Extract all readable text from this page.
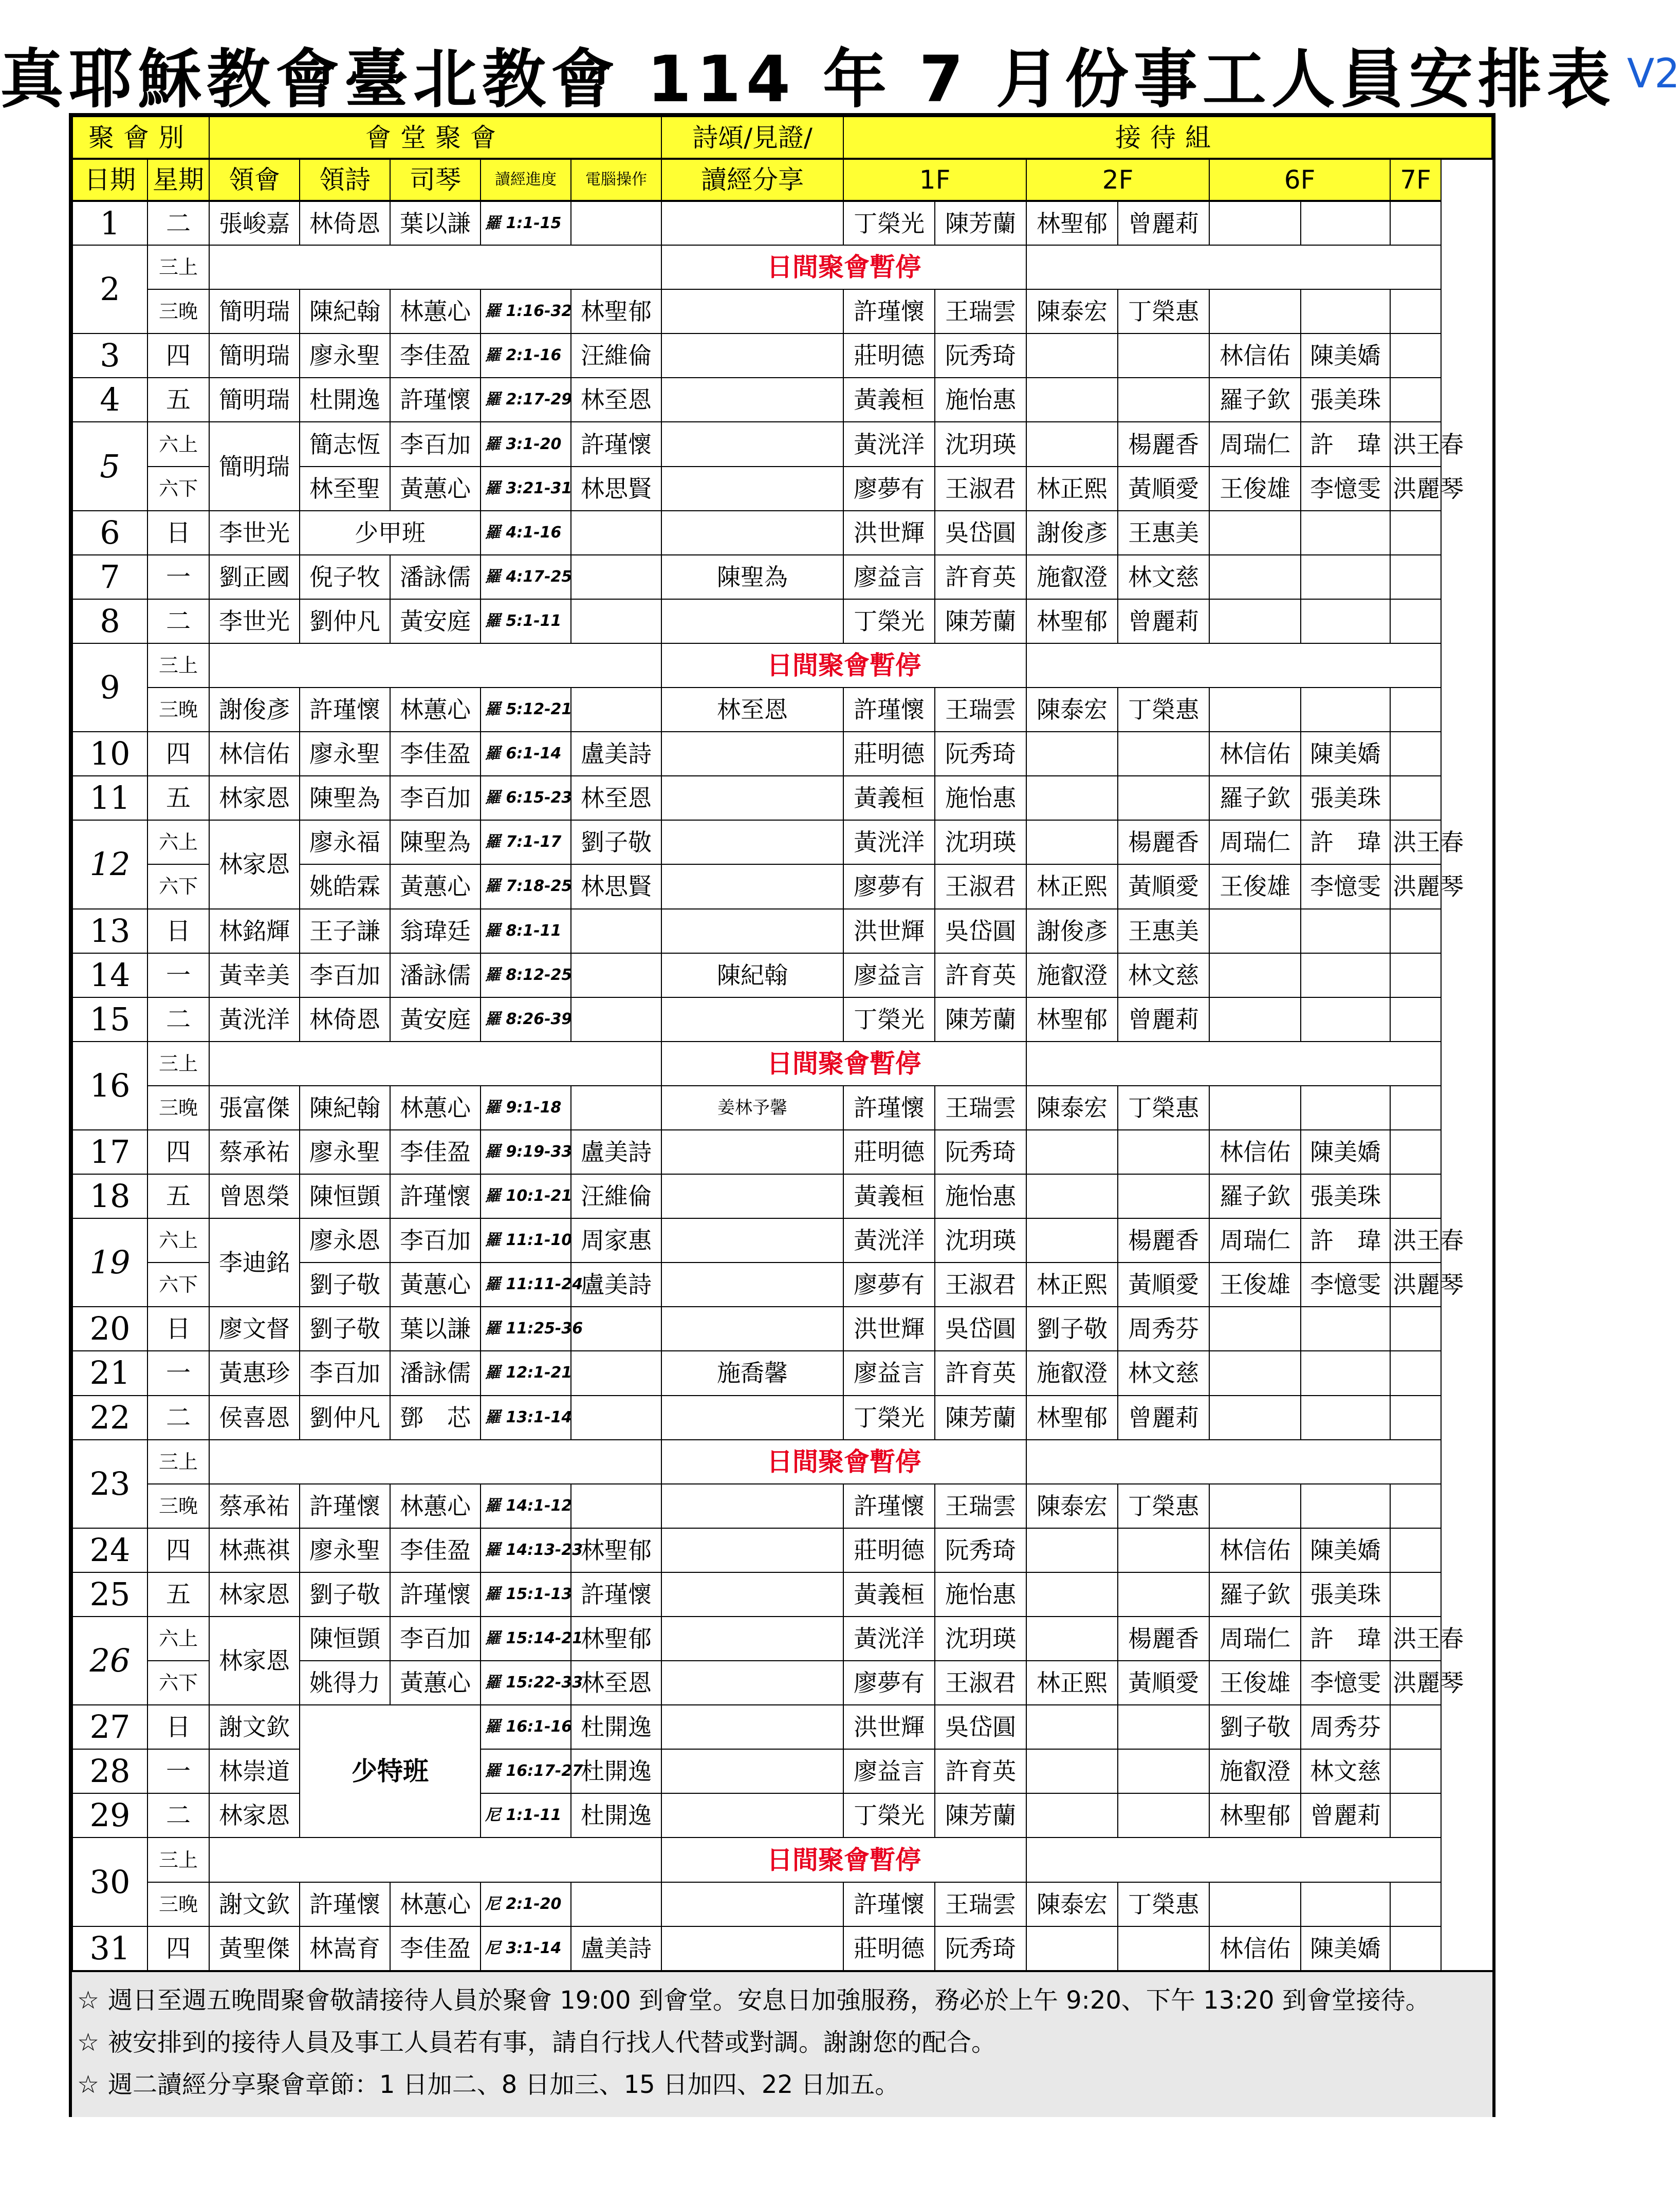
真耶穌教會臺北教會 114 年 7 月份事工人員安排表 V2
聚會別		會堂聚會					詩頌/見證/	接待組						
日期	星期	領會	領詩	司琴	讀經進度	電腦操作	讀經分享	1F		2F		6F		7F
1	二	張峻嘉	林倚恩	葉以謙	羅 1:1-15			丁榮光	陳芳蘭	林聖郁	曾麗莉			
2	三上						日間聚會暫停							
	三晚	簡明瑞	陳紀翰	林蕙心	羅 1:16-32	林聖郁		許瑾懷	王瑞雲	陳泰宏	丁榮惠			
3	四	簡明瑞	廖永聖	李佳盈	羅 2:1-16	汪維倫		莊明德	阮秀琦			林信佑	陳美嬌	
4	五	簡明瑞	杜開逸	許瑾懷	羅 2:17-29	林至恩		黃義桓	施怡惠			羅子欽	張美珠	
5	六上	簡明瑞	簡志恆	李百加	羅 3:1-20	許瑾懷		黃洸洋	沈玥瑛		楊麗香	周瑞仁	許　瑋	洪王春
	六下		林至聖	黃蕙心	羅 3:21-31	林思賢		廖夢有	王淑君	林正熙	黃順愛	王俊雄	李憶雯	洪麗琴
6	日	李世光	少甲班		羅 4:1-16			洪世輝	吳岱圓	謝俊彥	王惠美			
7	一	劉正國	倪子牧	潘詠儒	羅 4:17-25		陳聖為	廖益言	許育英	施叡澄	林文慈			
8	二	李世光	劉仲凡	黃安庭	羅 5:1-11			丁榮光	陳芳蘭	林聖郁	曾麗莉			
9	三上						日間聚會暫停							
	三晚	謝俊彥	許瑾懷	林蕙心	羅 5:12-21		林至恩	許瑾懷	王瑞雲	陳泰宏	丁榮惠			
10	四	林信佑	廖永聖	李佳盈	羅 6:1-14	盧美詩		莊明德	阮秀琦			林信佑	陳美嬌	
11	五	林家恩	陳聖為	李百加	羅 6:15-23	林至恩		黃義桓	施怡惠			羅子欽	張美珠	
12	六上	林家恩	廖永福	陳聖為	羅 7:1-17	劉子敬		黃洸洋	沈玥瑛		楊麗香	周瑞仁	許　瑋	洪王春
	六下		姚皓霖	黃蕙心	羅 7:18-25	林思賢		廖夢有	王淑君	林正熙	黃順愛	王俊雄	李憶雯	洪麗琴
13	日	林銘輝	王子謙	翁瑋廷	羅 8:1-11			洪世輝	吳岱圓	謝俊彥	王惠美			
14	一	黃幸美	李百加	潘詠儒	羅 8:12-25		陳紀翰	廖益言	許育英	施叡澄	林文慈			
15	二	黃洸洋	林倚恩	黃安庭	羅 8:26-39			丁榮光	陳芳蘭	林聖郁	曾麗莉			
16	三上						日間聚會暫停							
	三晚	張富傑	陳紀翰	林蕙心	羅 9:1-18		姜林予馨	許瑾懷	王瑞雲	陳泰宏	丁榮惠			
17	四	蔡承祐	廖永聖	李佳盈	羅 9:19-33	盧美詩		莊明德	阮秀琦			林信佑	陳美嬌	
18	五	曾恩榮	陳恒顗	許瑾懷	羅 10:1-21	汪維倫		黃義桓	施怡惠			羅子欽	張美珠	
19	六上	李迪銘	廖永恩	李百加	羅 11:1-10	周家惠		黃洸洋	沈玥瑛		楊麗香	周瑞仁	許　瑋	洪王春
	六下		劉子敬	黃蕙心	羅 11:11-24	盧美詩		廖夢有	王淑君	林正熙	黃順愛	王俊雄	李憶雯	洪麗琴
20	日	廖文督	劉子敬	葉以謙	羅 11:25-36			洪世輝	吳岱圓	劉子敬	周秀芬			
21	一	黃惠珍	李百加	潘詠儒	羅 12:1-21		施喬馨	廖益言	許育英	施叡澄	林文慈			
22	二	侯喜恩	劉仲凡	鄧　芯	羅 13:1-14			丁榮光	陳芳蘭	林聖郁	曾麗莉			
23	三上						日間聚會暫停							
	三晚	蔡承祐	許瑾懷	林蕙心	羅 14:1-12			許瑾懷	王瑞雲	陳泰宏	丁榮惠			
24	四	林燕祺	廖永聖	李佳盈	羅 14:13-23	林聖郁		莊明德	阮秀琦			林信佑	陳美嬌	
25	五	林家恩	劉子敬	許瑾懷	羅 15:1-13	許瑾懷		黃義桓	施怡惠			羅子欽	張美珠	
26	六上	林家恩	陳恒顗	李百加	羅 15:14-21	林聖郁		黃洸洋	沈玥瑛		楊麗香	周瑞仁	許　瑋	洪王春
	六下		姚得力	黃蕙心	羅 15:22-33	林至恩		廖夢有	王淑君	林正熙	黃順愛	王俊雄	李憶雯	洪麗琴
27	日	謝文欽	少特班		羅 16:1-16	杜開逸		洪世輝	吳岱圓			劉子敬	周秀芬	
28	一	林崇道			羅 16:17-27	杜開逸		廖益言	許育英			施叡澄	林文慈	
29	二	林家恩			尼 1:1-11	杜開逸		丁榮光	陳芳蘭			林聖郁	曾麗莉	
30	三上						日間聚會暫停							
	三晚	謝文欽	許瑾懷	林蕙心	尼 2:1-20			許瑾懷	王瑞雲	陳泰宏	丁榮惠			
31	四	黃聖傑	林嵩育	李佳盈	尼 3:1-14	盧美詩		莊明德	阮秀琦			林信佑	陳美嬌	
☆ 週日至週五晚間聚會敬請接待人員於聚會 19:00 到會堂。安息日加強服務，務必於上午 9:20、下午 13:20 到會堂接待。
☆ 被安排到的接待人員及事工人員若有事，請自行找人代替或對調。謝謝您的配合。
☆ 週二讀經分享聚會章節：1 日加二、8 日加三、15 日加四、22 日加五。
